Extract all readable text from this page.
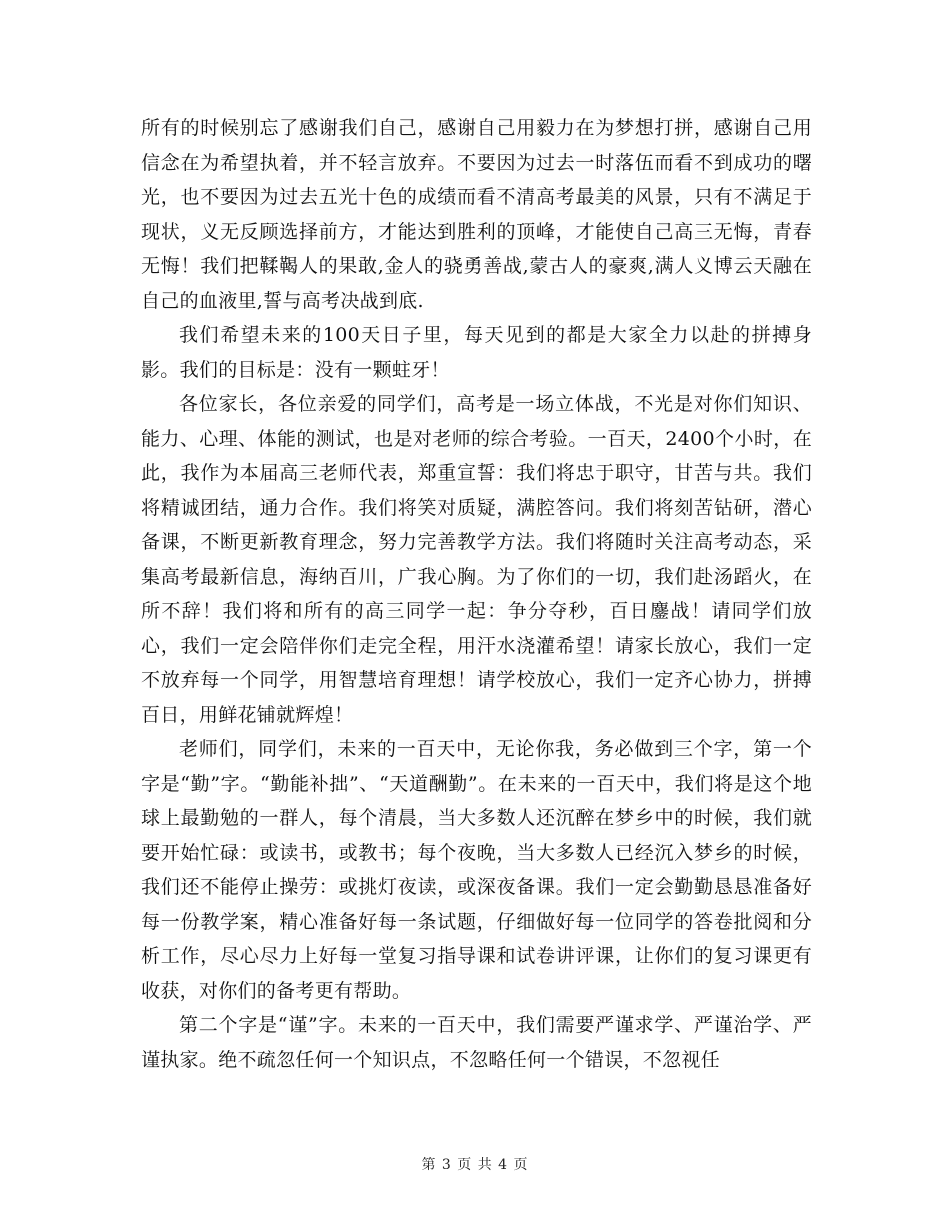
所有的时候别忘了感谢我们自己，感谢自己用毅力在为梦想打拼，感谢自己用信念在为希望执着，并不轻言放弃。不要因为过去一时落伍而看不到成功的曙光，也不要因为过去五光十色的成绩而看不清高考最美的风景，只有不满足于现状，义无反顾选择前方，才能达到胜利的顶峰，才能使自己高三无悔，青春无悔！我们把鞣鞨人的果敢,金人的骁勇善战,蒙古人的豪爽,满人义博云天融在自己的血液里,誓与高考决战到底.

我们希望未来的100天日子里，每天见到的都是大家全力以赴的拼搏身影。我们的目标是：没有一颗蛀牙！

各位家长，各位亲爱的同学们，高考是一场立体战，不光是对你们知识、能力、心理、体能的测试，也是对老师的综合考验。一百天，2400个小时，在此，我作为本届高三老师代表，郑重宣誓：我们将忠于职守，甘苦与共。我们将精诚团结，通力合作。我们将笑对质疑，满腔答问。我们将刻苦钻研，潜心备课，不断更新教育理念，努力完善教学方法。我们将随时关注高考动态，采集高考最新信息，海纳百川，广我心胸。为了你们的一切，我们赴汤蹈火，在所不辞！我们将和所有的高三同学一起：争分夺秒，百日鏖战！请同学们放心，我们一定会陪伴你们走完全程，用汗水浇灌希望！请家长放心，我们一定不放弃每一个同学，用智慧培育理想！请学校放心，我们一定齐心协力，拼搏百日，用鲜花铺就辉煌！

老师们，同学们，未来的一百天中，无论你我，务必做到三个字，第一个字是“勤”字。“勤能补拙”、“天道酬勤”。在未来的一百天中，我们将是这个地球上最勤勉的一群人，每个清晨，当大多数人还沉醉在梦乡中的时候，我们就要开始忙碌：或读书，或教书；每个夜晚，当大多数人已经沉入梦乡的时候，我们还不能停止操劳：或挑灯夜读，或深夜备课。我们一定会勤勤恳恳准备好每一份教学案，精心准备好每一条试题，仔细做好每一位同学的答卷批阅和分析工作，尽心尽力上好每一堂复习指导课和试卷讲评课，让你们的复习课更有收获，对你们的备考更有帮助。

第二个字是“谨”字。未来的一百天中，我们需要严谨求学、严谨治学、严谨执家。绝不疏忽任何一个知识点，不忽略任何一个错误，不忽视任

第 3 页 共 4 页
